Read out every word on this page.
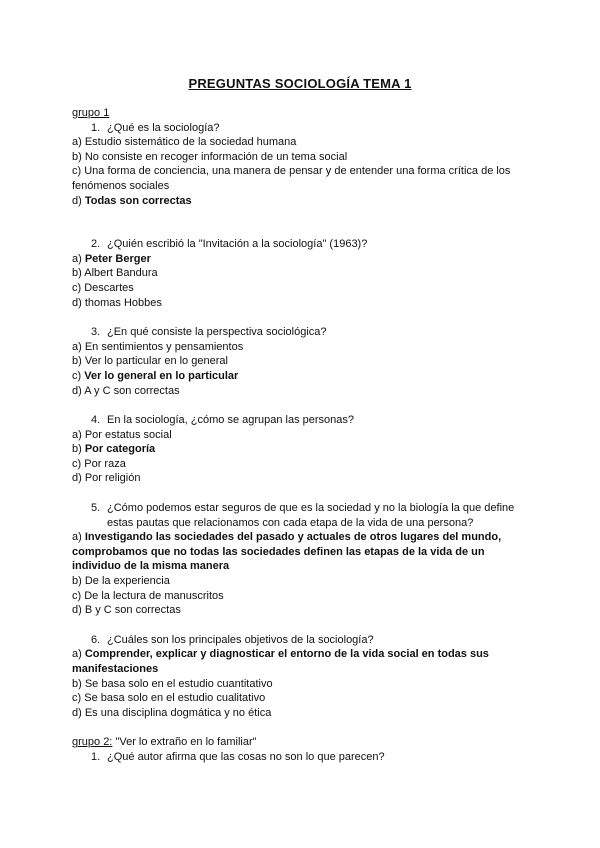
PREGUNTAS SOCIOLOGÍA TEMA 1
grupo 1
1. ¿Qué es la sociología?
a) Estudio sistemático de la sociedad humana
b) No consiste en recoger información de un tema social
c) Una forma de conciencia, una manera de pensar y de entender una forma crítica de los fenómenos sociales
d) Todas son correctas
2. ¿Quién escribió la "Invitación a la sociología" (1963)?
a) Peter Berger
b) Albert Bandura
c) Descartes
d) thomas Hobbes
3. ¿En qué consiste la perspectiva sociológica?
a) En sentimientos y pensamientos
b) Ver lo particular en lo general
c) Ver lo general en lo particular
d) A y C son correctas
4. En la sociología, ¿cómo se agrupan las personas?
a) Por estatus social
b) Por categoría
c) Por raza
d) Por religión
5. ¿Cómo podemos estar seguros de que es la sociedad y no la biología la que define estas pautas que relacionamos con cada etapa de la vida de una persona?
a) Investigando las sociedades del pasado y actuales de otros lugares del mundo, comprobamos que no todas las sociedades definen las etapas de la vida de un individuo de la misma manera
b) De la experiencia
c) De la lectura de manuscritos
d) B y C son correctas
6. ¿Cuáles son los principales objetivos de la sociología?
a) Comprender, explicar y diagnosticar el entorno de la vida social en todas sus manifestaciones
b) Se basa solo en el estudio cuantitativo
c) Se basa solo en el estudio cualitativo
d) Es una disciplina dogmática y no ética
grupo 2: "Ver lo extraño en lo familiar"
1. ¿Qué autor afirma que las cosas no son lo que parecen?
